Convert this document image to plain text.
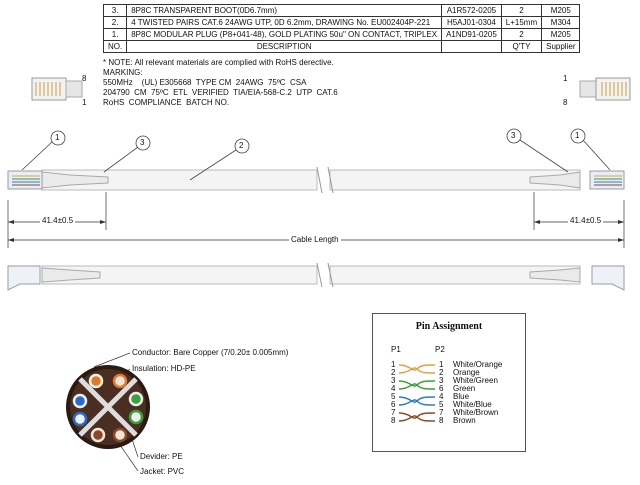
3.	8P8C TRANSPARENT BOOT(0D6.7mm)	A1R572-0205	2	M205
2.	4 TWISTED PAIRS CAT.6 24AWG UTP, 0D 6.2mm, DRAWING No. EU002404P-221	H5AJ01-0304	L+15mm	M304
1.	8P8C MODULAR PLUG (P8+041-48), GOLD PLATING 50u" ON CONTACT, TRIPLEX	A1ND91-0205	2	M205
NO.	DESCRIPTION		Q'TY	Supplier
* NOTE: All relevant materials are complied with RoHS derective.
MARKING:
550MHz    (UL) E305668  TYPE CM  24AWG  75ºC  CSA
204790  CM  75ºC  ETL  VERIFIED  TIA/EIA-568-C.2  UTP  CAT.6
RoHS  COMPLIANCE  BATCH NO.
8
1
1
8
1
3	2
3	1
41.4±0.5	41.4±0.5
Cable Length
Conductor: Bare Copper (7/0.20± 0.005mm)
Insulation: HD-PE
Devider: PE
Jacket: PVC
Pin Assignment
P1	P2
1	1 White/Orange
2	2 Orange
3	3 White/Green
4	6 Green
5	4 Blue
6	5 White/Blue
7	7 White/Brown
8	8 Brown
